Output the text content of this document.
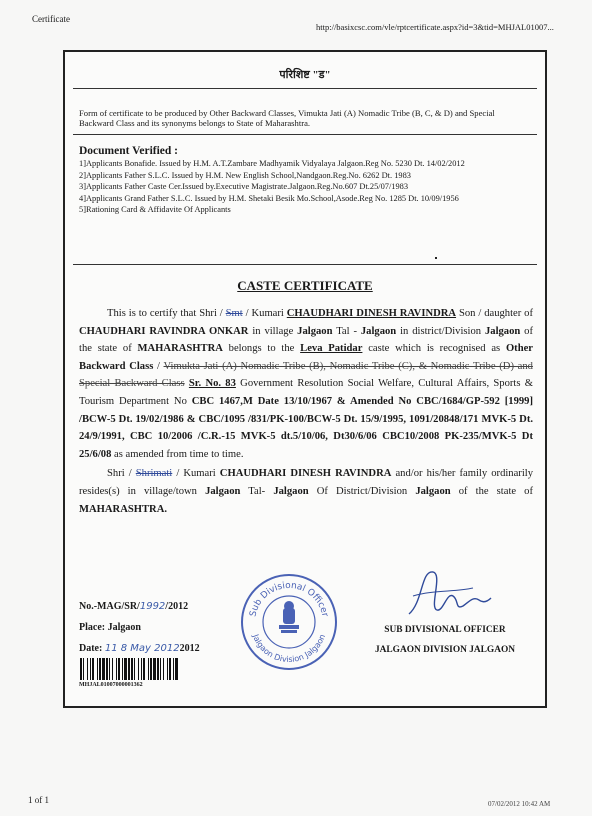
Certificate
http://basixcsc.com/vle/rptcertificate.aspx?id=3&tid=MHJAL01007...
परिशिष्ट "ड"
Form of certificate to be produced by Other Backward Classes, Vimukta Jati (A) Nomadic Tribe (B, C, & D) and Special Backward Class and its synonyms belongs to State of Maharashtra.
Document Verified :
1]Applicants Bonafide. Issued by H.M. A.T.Zambare Madhyamik Vidyalaya Jalgaon.Reg No. 5230 Dt. 14/02/2012
2]Applicants Father S.L.C. Issued by H.M. New English School,Nandgaon.Reg.No. 6262 Dt. 1983
3]Applicants Father Caste Cer.Issued by.Executive Magistrate.Jalgaon.Reg.No.607 Dt.25/07/1983
4]Applicants Grand Father S.L.C. Issued by H.M. Shetaki Besik Mo.School,Asode.Reg No. 1285 Dt. 10/09/1956
5]Rationing Card & Affidavite Of Applicants
CASTE CERTIFICATE

This is to certify that Shri / Smt / Kumari CHAUDHARI DINESH RAVINDRA Son / daughter of CHAUDHARI RAVINDRA ONKAR in village Jalgaon Tal - Jalgaon in district/Division Jalgaon of the state of MAHARASHTRA belongs to the Leva Patidar caste which is recognised as Other Backward Class / Vimukta Jati (A) Nomadic Tribe (B), Nomadic Tribe (C), & Nomadic Tribe (D) and Special Backward Class Sr. No. 83 Government Resolution Social Welfare, Cultural Affairs, Sports & Tourism Department No CBC 1467,M Date 13/10/1967 & Amended No CBC/1684/GP-592 [1999] /BCW-5 Dt. 19/02/1986 & CBC/1095 /831/PK-100/BCW-5 Dt. 15/9/1995, 1091/20848/171 MVK-5 Dt. 24/9/1991, CBC 10/2006 /C.R.-15 MVK-5 dt.5/10/06, Dt30/6/06 CBC10/2008 PK-235/MVK-5 Dt 25/6/08 as amended from time to time.

Shri / Shrimati / Kumari CHAUDHARI DINESH RAVINDRA and/or his/her family ordinarily resides(s) in village/town Jalgaon Tal- Jalgaon Of District/Division Jalgaon of the state of MAHARASHTRA.

No.-MAG/SR/1992/2012
Place: Jalgaon
Date: 11 8 May 20122012
MHJAL01007000001362
Sub Divisional Officer
Jalgaon Division Jalgaon
SUB DIVISIONAL OFFICER
JALGAON DIVISION JALGAON
1 of 1	07/02/2012 10:42 AM
